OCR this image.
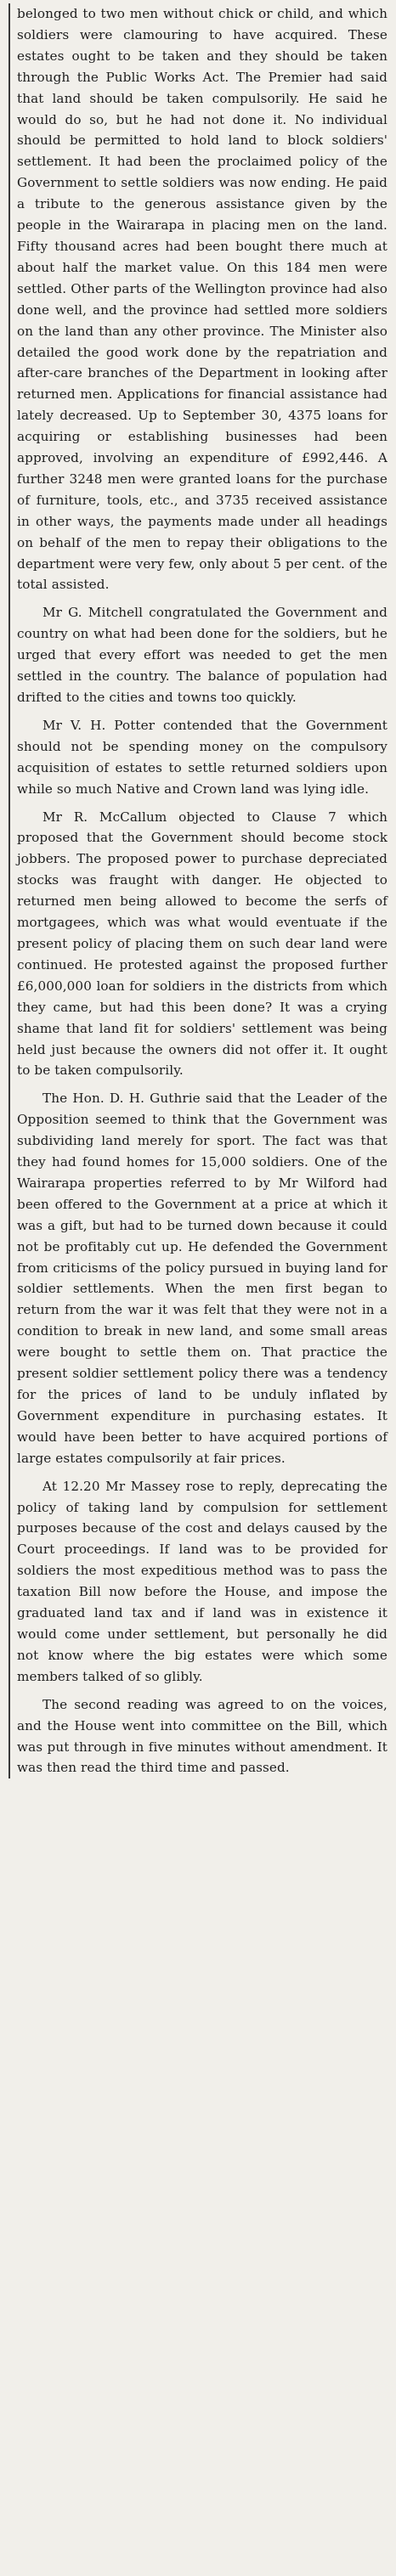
belonged to two men without chick or child, and which soldiers were clamouring to have acquired. These estates ought to be taken and they should be taken through the Public Works Act. The Premier had said that land should be taken compulsorily. He said he would do so, but he had not done it. No individual should be permitted to hold land to block soldiers' settlement. It had been the proclaimed policy of the Government to settle soldiers was now ending. He paid a tribute to the generous assistance given by the people in the Wairarapa in placing men on the land. Fifty thousand acres had been bought there much at about half the market value. On this 184 men were settled. Other parts of the Wellington province had also done well, and the province had settled more soldiers on the land than any other province. The Minister also detailed the good work done by the repatriation and after-care branches of the Department in looking after returned men. Applications for financial assistance had lately decreased. Up to September 30, 4375 loans for acquiring or establishing businesses had been approved, involving an expenditure of £992,446. A further 3248 men were granted loans for the purchase of furniture, tools, etc., and 3735 received assistance in other ways, the payments made under all headings on behalf of the men to repay their obligations to the department were very few, only about 5 per cent. of the total assisted.

Mr G. Mitchell congratulated the Government and country on what had been done for the soldiers, but he urged that every effort was needed to get the men settled in the country. The balance of population had drifted to the cities and towns too quickly.

Mr V. H. Potter contended that the Government should not be spending money on the compulsory acquisition of estates to settle returned soldiers upon while so much Native and Crown land was lying idle.

Mr R. McCallum objected to Clause 7 which proposed that the Government should become stock jobbers. The proposed power to purchase depreciated stocks was fraught with danger. He objected to returned men being allowed to become the serfs of mortgagees, which was what would eventuate if the present policy of placing them on such dear land were continued. He protested against the proposed further £6,000,000 loan for soldiers in the districts from which they came, but had this been done? It was a crying shame that land fit for soldiers' settlement was being held just because the owners did not offer it. It ought to be taken compulsorily.

The Hon. D. H. Guthrie said that the Leader of the Opposition seemed to think that the Government was subdividing land merely for sport. The fact was that they had found homes for 15,000 soldiers. One of the Wairarapa properties referred to by Mr Wilford had been offered to the Government at a price at which it was a gift, but had to be turned down because it could not be profitably cut up. He defended the Government from criticisms of the policy pursued in buying land for soldier settlements. When the men first began to return from the war it was felt that they were not in a condition to break in new land, and some small areas were bought to settle them on. That practice the present soldier settlement policy there was a tendency for the prices of land to be unduly inflated by Government expenditure in purchasing estates. It would have been better to have acquired portions of large estates compulsorily at fair prices.

At 12.20 Mr Massey rose to reply, deprecating the policy of taking land by compulsion for settlement purposes because of the cost and delays caused by the Court proceedings. If land was to be provided for soldiers the most expeditious method was to pass the taxation Bill now before the House, and impose the graduated land tax and if land was in existence it would come under settlement, but personally he did not know where the big estates were which some members talked of so glibly.

The second reading was agreed to on the voices, and the House went into committee on the Bill, which was put through in five minutes without amendment. It was then read the third time and passed.
